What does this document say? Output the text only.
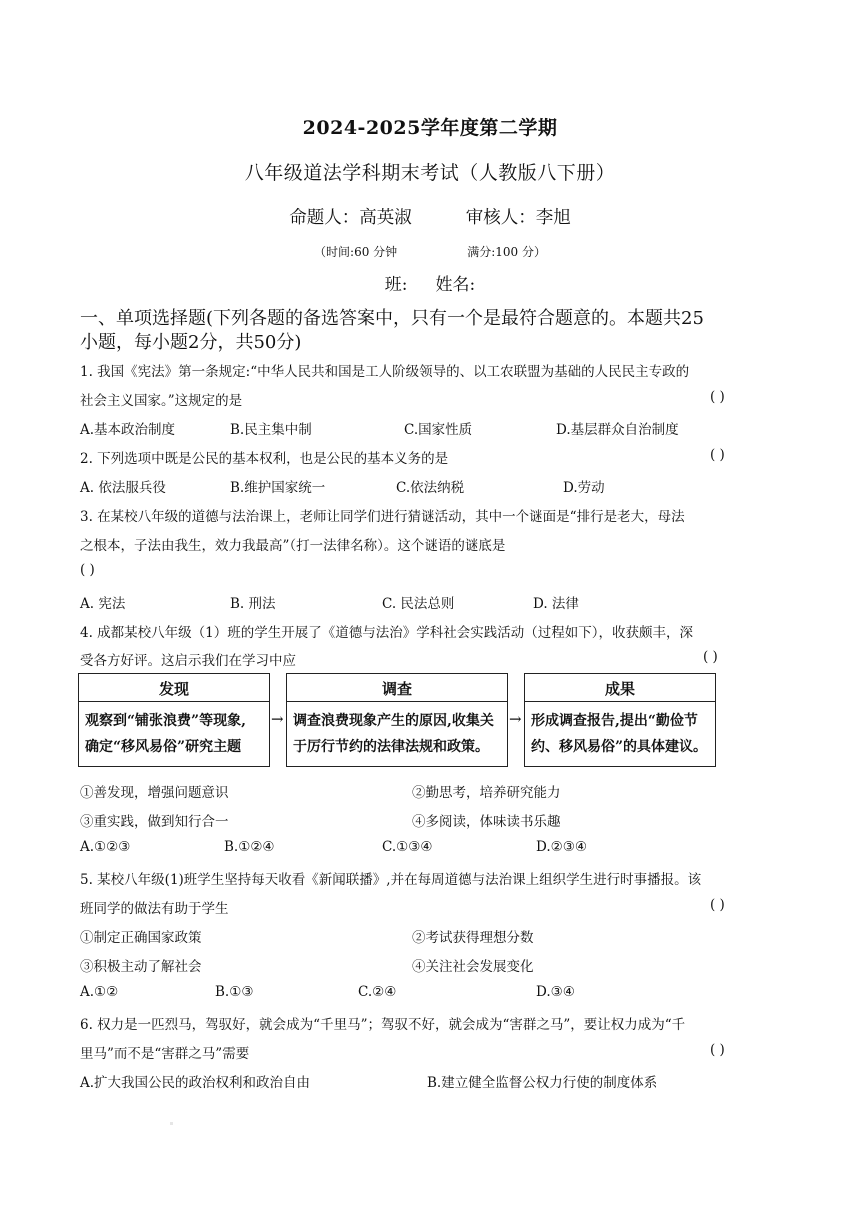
2024-2025学年度第二学期
八年级道法学科期末考试（人教版八下册）
命题人：高英淑	审核人：李旭
（时间:60 分钟	满分:100 分）
班: 姓名:
一、单项选择题(下列各题的备选答案中，只有一个是最符合题意的。本题共25
小题，每小题2分，共50分)
1. 我国《宪法》第一条规定:“中华人民共和国是工人阶级领导的、以工农联盟为基础的人民民主专政的
社会主义国家。”这规定的是	( )
A.基本政治制度	B.民主集中制	C.国家性质	D.基层群众自治制度
2. 下列选项中既是公民的基本权利，也是公民的基本义务的是	( )
A. 依法服兵役	B.维护国家统一	C.依法纳税	D.劳动
3. 在某校八年级的道德与法治课上，老师让同学们进行猜谜活动，其中一个谜面是“排行是老大，母法
之根本，子法由我生，效力我最高”（打一法律名称）。这个谜语的谜底是
( )
A. 宪法	B. 刑法	C. 民法总则	D. 法律
4. 成都某校八年级（1）班的学生开展了《道德与法治》学科社会实践活动（过程如下），收获颇丰，深
受各方好评。这启示我们在学习中应	( )
发现
观察到“铺张浪费”等现象,
确定“移风易俗”研究主题
→
调查
调查浪费现象产生的原因,收集关
于厉行节约的法律法规和政策。
→
成果
形成调查报告,提出“勤俭节
约、移风易俗”的具体建议。
①善发现，增强问题意识	②勤思考，培养研究能力
③重实践，做到知行合一	④多阅读，体味读书乐趣
A.①②③	B.①②④	C.①③④	D.②③④
5. 某校八年级(1)班学生坚持每天收看《新闻联播》,并在每周道德与法治课上组织学生进行时事播报。该
班同学的做法有助于学生	( )
①制定正确国家政策	②考试获得理想分数
③积极主动了解社会	④关注社会发展变化
A.①②	B.①③	C.②④	D.③④
6. 权力是一匹烈马，驾驭好，就会成为“千里马”；驾驭不好，就会成为“害群之马”，要让权力成为“千
里马”而不是“害群之马”需要	( )
A.扩大我国公民的政治权利和政治自由	B.建立健全监督公权力行使的制度体系
